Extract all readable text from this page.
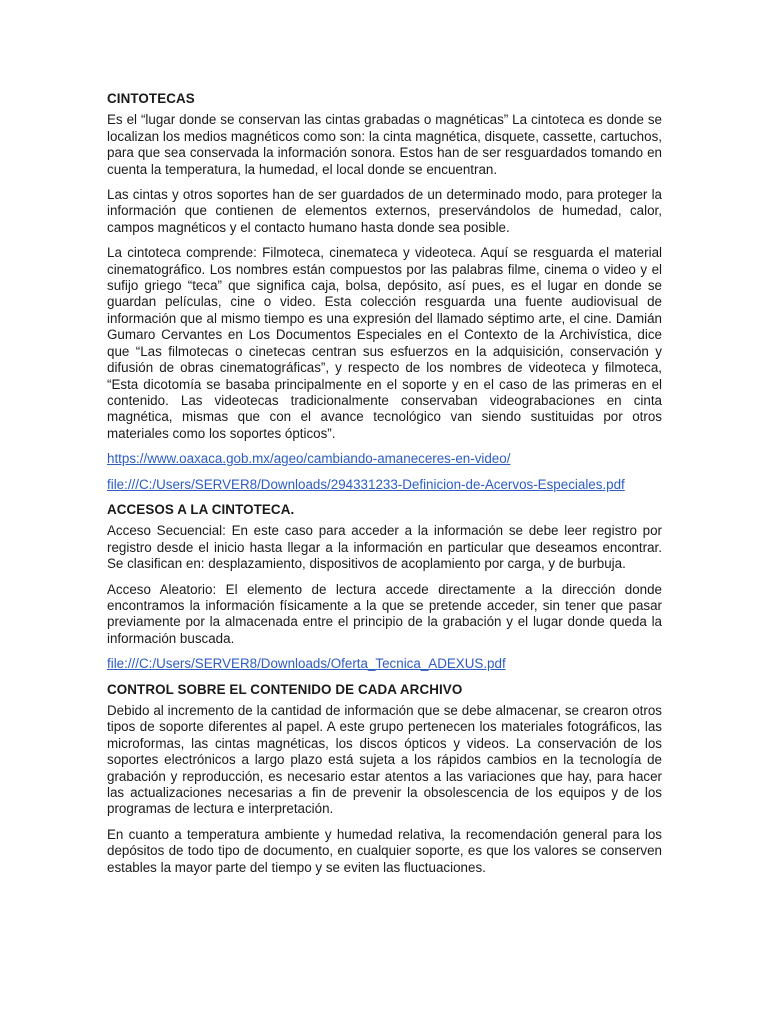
CINTOTECAS

Es el “lugar donde se conservan las cintas grabadas o magnéticas” La cintoteca es donde se localizan los medios magnéticos como son: la cinta magnética, disquete, cassette, cartuchos, para que sea conservada la información sonora. Estos han de ser resguardados tomando en cuenta la temperatura, la humedad, el local donde se encuentran.

Las cintas y otros soportes han de ser guardados de un determinado modo, para proteger la información que contienen de elementos externos, preservándolos de humedad, calor, campos magnéticos y el contacto humano hasta donde sea posible.

La cintoteca comprende: Filmoteca, cinemateca y videoteca. Aquí se resguarda el material cinematográfico. Los nombres están compuestos por las palabras filme, cinema o video y el sufijo griego “teca” que significa caja, bolsa, depósito, así pues, es el lugar en donde se guardan películas, cine o video. Esta colección resguarda una fuente audiovisual de información que al mismo tiempo es una expresión del llamado séptimo arte, el cine. Damián Gumaro Cervantes en Los Documentos Especiales en el Contexto de la Archivística, dice que “Las filmotecas o cinetecas centran sus esfuerzos en la adquisición, conservación y difusión de obras cinematográficas”, y respecto de los nombres de videoteca y filmoteca, “Esta dicotomía se basaba principalmente en el soporte y en el caso de las primeras en el contenido. Las videotecas tradicionalmente conservaban videograbaciones en cinta magnética, mismas que con el avance tecnológico van siendo sustituidas por otros materiales como los soportes ópticos”.

https://www.oaxaca.gob.mx/ageo/cambiando-amaneceres-en-video/
file:///C:/Users/SERVER8/Downloads/294331233-Definicion-de-Acervos-Especiales.pdf
ACCESOS A LA CINTOTECA.

Acceso Secuencial: En este caso para acceder a la información se debe leer registro por registro desde el inicio hasta llegar a la información en particular que deseamos encontrar. Se clasifican en: desplazamiento, dispositivos de acoplamiento por carga, y de burbuja.

Acceso Aleatorio: El elemento de lectura accede directamente a la dirección donde encontramos la información físicamente a la que se pretende acceder, sin tener que pasar previamente por la almacenada entre el principio de la grabación y el lugar donde queda la información buscada.

file:///C:/Users/SERVER8/Downloads/Oferta_Tecnica_ADEXUS.pdf
CONTROL SOBRE EL CONTENIDO DE CADA ARCHIVO

Debido al incremento de la cantidad de información que se debe almacenar, se crearon otros tipos de soporte diferentes al papel. A este grupo pertenecen los materiales fotográficos, las microformas, las cintas magnéticas, los discos ópticos y videos. La conservación de los soportes electrónicos a largo plazo está sujeta a los rápidos cambios en la tecnología de grabación y reproducción, es necesario estar atentos a las variaciones que hay, para hacer las actualizaciones necesarias a fin de prevenir la obsolescencia de los equipos y de los programas de lectura e interpretación.

En cuanto a temperatura ambiente y humedad relativa, la recomendación general para los depósitos de todo tipo de documento, en cualquier soporte, es que los valores se conserven estables la mayor parte del tiempo y se eviten las fluctuaciones.
